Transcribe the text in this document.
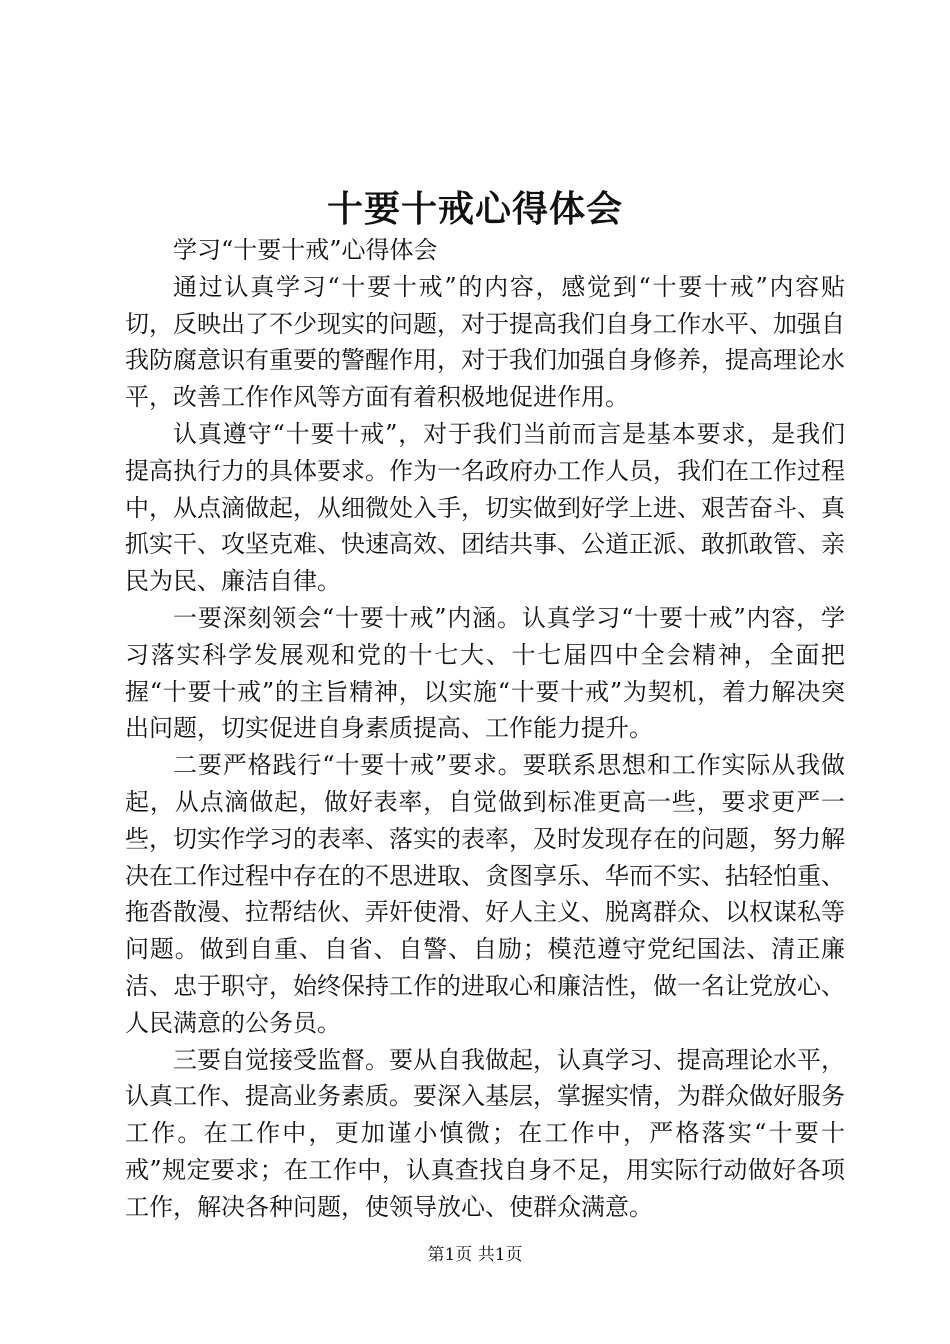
十要十戒心得体会

学习“十要十戒”心得体会

通过认真学习“十要十戒”的内容，感觉到“十要十戒”内容贴切，反映出了不少现实的问题，对于提高我们自身工作水平、加强自我防腐意识有重要的警醒作用，对于我们加强自身修养，提高理论水平，改善工作作风等方面有着积极地促进作用。

认真遵守“十要十戒”，对于我们当前而言是基本要求，是我们提高执行力的具体要求。作为一名政府办工作人员，我们在工作过程中，从点滴做起，从细微处入手，切实做到好学上进、艰苦奋斗、真抓实干、攻坚克难、快速高效、团结共事、公道正派、敢抓敢管、亲民为民、廉洁自律。

一要深刻领会“十要十戒”内涵。认真学习“十要十戒”内容，学习落实科学发展观和党的十七大、十七届四中全会精神，全面把握“十要十戒”的主旨精神，以实施“十要十戒”为契机，着力解决突出问题，切实促进自身素质提高、工作能力提升。

二要严格践行“十要十戒”要求。要联系思想和工作实际从我做起，从点滴做起，做好表率，自觉做到标准更高一些，要求更严一些，切实作学习的表率、落实的表率，及时发现存在的问题，努力解决在工作过程中存在的不思进取、贪图享乐、华而不实、拈轻怕重、拖沓散漫、拉帮结伙、弄奸使滑、好人主义、脱离群众、以权谋私等问题。做到自重、自省、自警、自励；模范遵守党纪国法、清正廉洁、忠于职守，始终保持工作的进取心和廉洁性，做一名让党放心、人民满意的公务员。

三要自觉接受监督。要从自我做起，认真学习、提高理论水平，认真工作、提高业务素质。要深入基层，掌握实情，为群众做好服务工作。在工作中，更加谨小慎微；在工作中，严格落实“十要十戒”规定要求；在工作中，认真查找自身不足，用实际行动做好各项工作，解决各种问题，使领导放心、使群众满意。

第1页 共1页
